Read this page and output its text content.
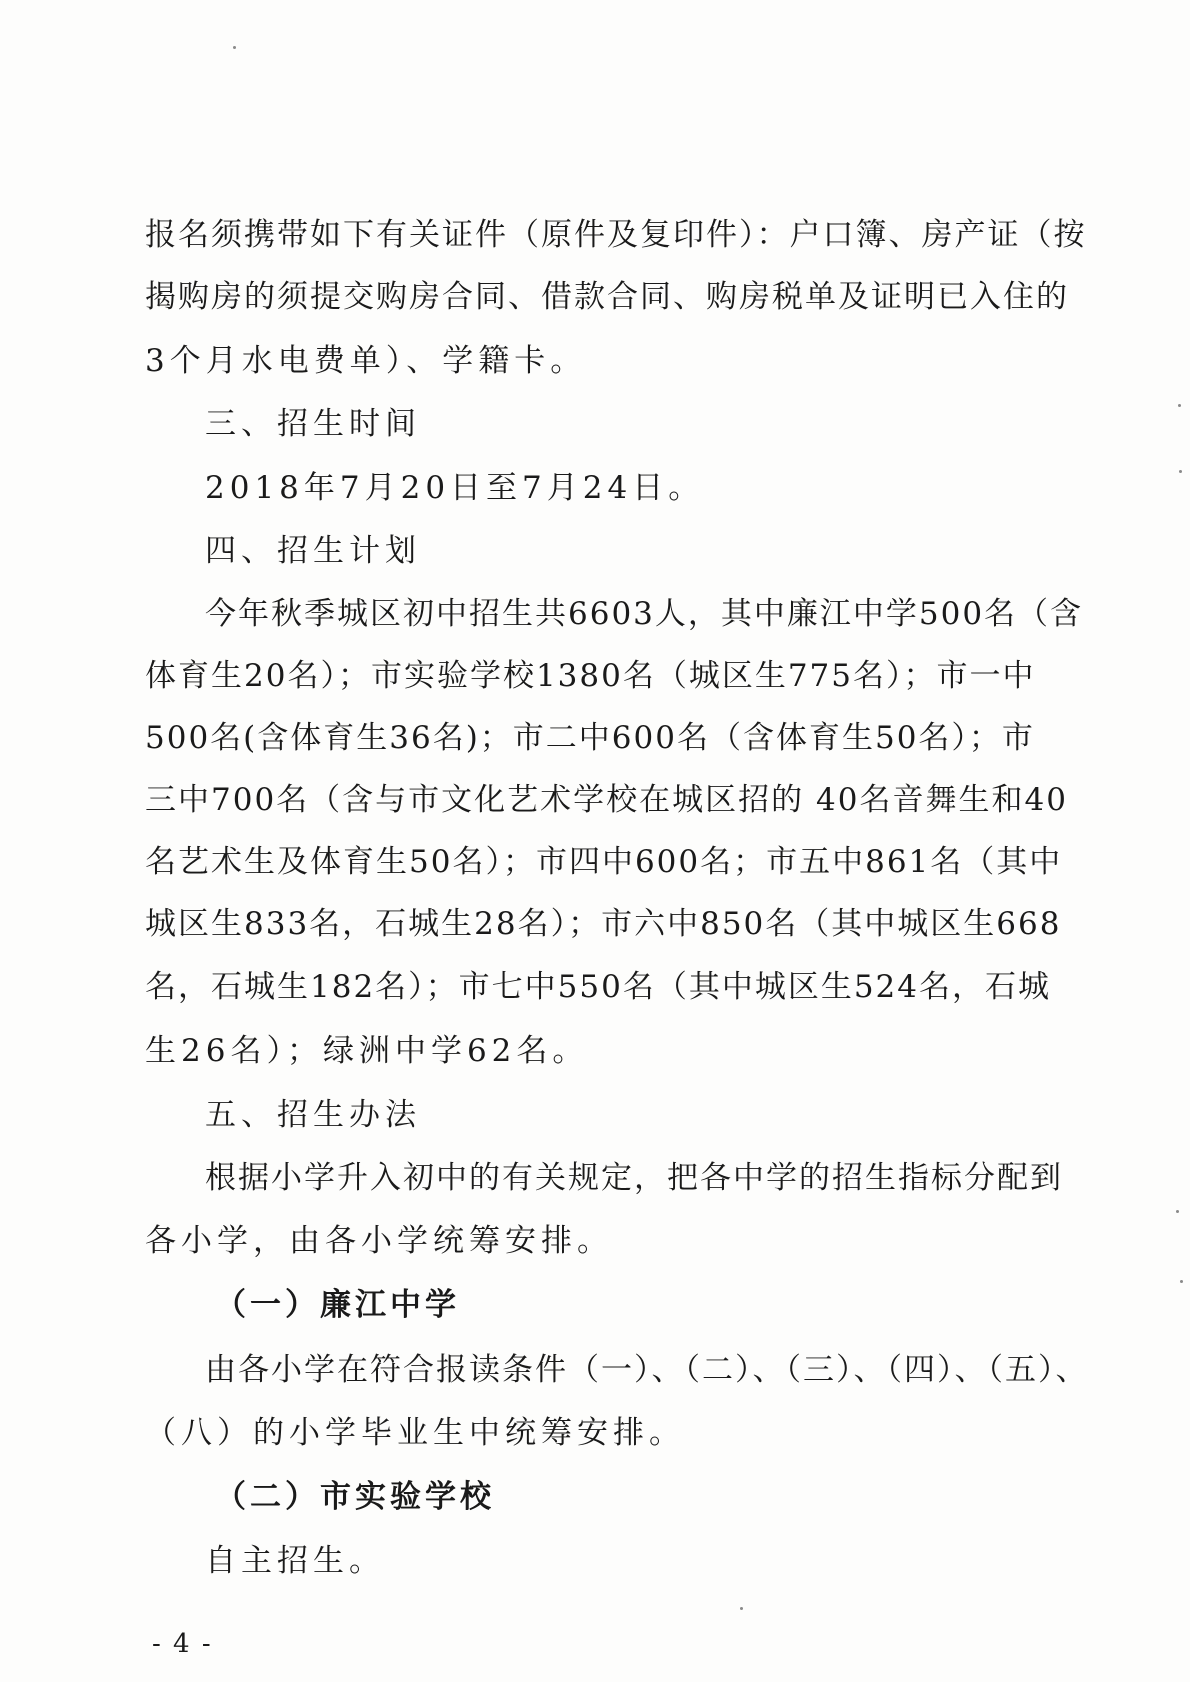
报名须携带如下有关证件（原件及复印件）：户口簿、房产证（按
揭购房的须提交购房合同、借款合同、购房税单及证明已入住的
3个月水电费单）、学籍卡。
三、招生时间
2018年7月20日至7月24日。
四、招生计划
今年秋季城区初中招生共6603人，其中廉江中学500名（含
体育生20名）；市实验学校1380名（城区生775名）；市一中
500名(含体育生36名)；市二中600名（含体育生50名）；市
三中700名（含与市文化艺术学校在城区招的 40名音舞生和40
名艺术生及体育生50名）；市四中600名；市五中861名（其中
城区生833名，石城生28名）；市六中850名（其中城区生668
名，石城生182名）；市七中550名（其中城区生524名，石城
生26名）；绿洲中学62名。
五、招生办法
根据小学升入初中的有关规定，把各中学的招生指标分配到
各小学，由各小学统筹安排。
（一）廉江中学
由各小学在符合报读条件（一）、（二）、（三）、（四）、（五）、
（八）的小学毕业生中统筹安排。
（二）市实验学校
自主招生。
- 4 -
